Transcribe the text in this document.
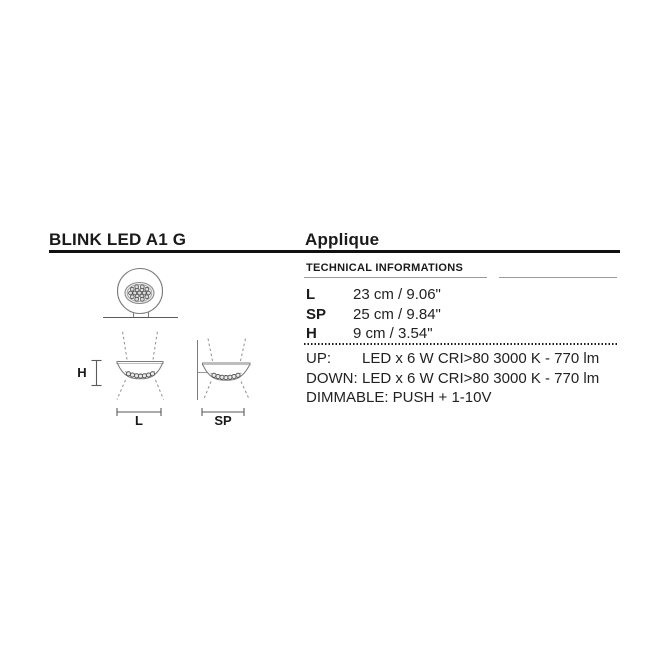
BLINK LED A1 G	Applique
TECHNICAL INFORMATIONS
L	23 cm / 9.06"
SP	25 cm / 9.84"
H	9 cm / 3.54"
UP:	LED x 6 W CRI>80 3000 K - 770 lm
DOWN: LED x 6 W CRI>80 3000 K - 770 lm
DIMMABLE: PUSH + 1-10V
H
L	SP
